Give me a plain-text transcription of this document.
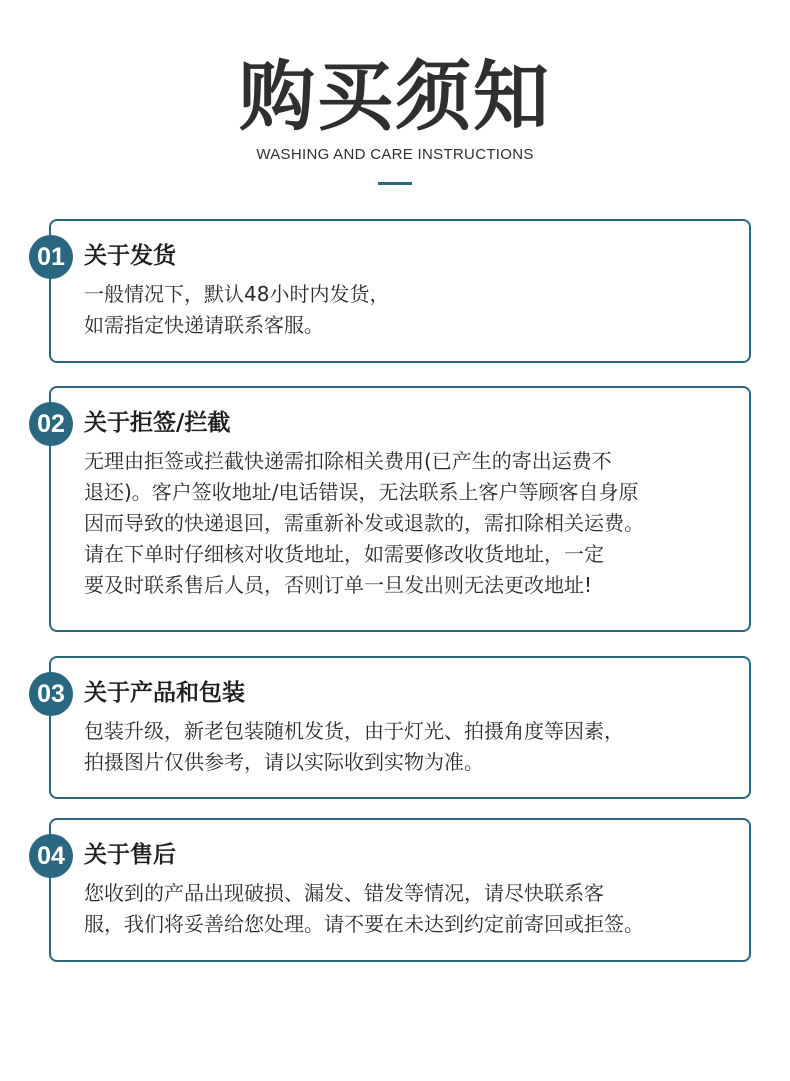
购买须知
WASHING AND CARE INSTRUCTIONS
01 关于发货
一般情况下，默认48小时内发货，
如需指定快递请联系客服。
02 关于拒签/拦截
无理由拒签或拦截快递需扣除相关费用(已产生的寄出运费不
退还)。客户签收地址/电话错误，无法联系上客户等顾客自身原
因而导致的快递退回，需重新补发或退款的，需扣除相关运费。
请在下单时仔细核对收货地址，如需要修改收货地址，一定
要及时联系售后人员，否则订单一旦发出则无法更改地址!
03 关于产品和包装
包装升级，新老包装随机发货，由于灯光、拍摄角度等因素，
拍摄图片仅供参考，请以实际收到实物为准。
04 关于售后
您收到的产品出现破损、漏发、错发等情况，请尽快联系客
服，我们将妥善给您处理。请不要在未达到约定前寄回或拒签。
